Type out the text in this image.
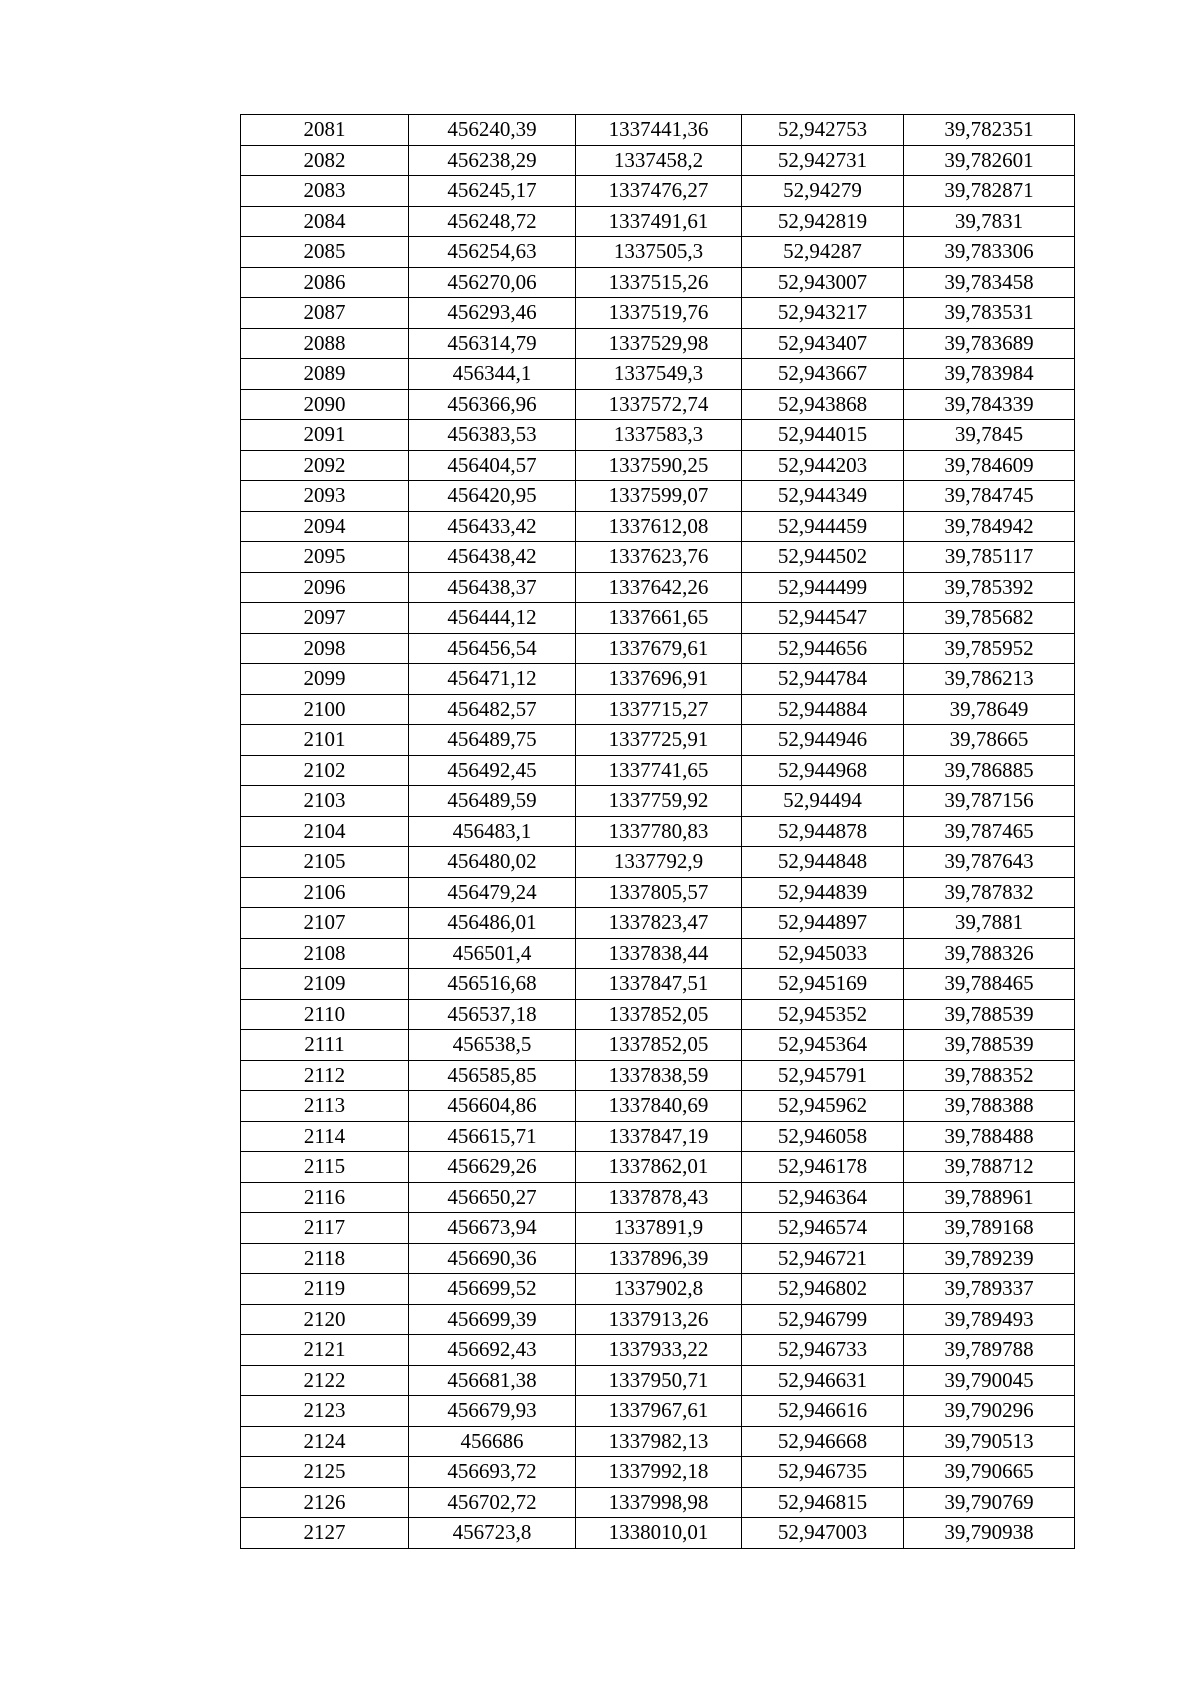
2081	456240,39	1337441,36	52,942753	39,782351
2082	456238,29	1337458,2	52,942731	39,782601
2083	456245,17	1337476,27	52,94279	39,782871
2084	456248,72	1337491,61	52,942819	39,7831
2085	456254,63	1337505,3	52,94287	39,783306
2086	456270,06	1337515,26	52,943007	39,783458
2087	456293,46	1337519,76	52,943217	39,783531
2088	456314,79	1337529,98	52,943407	39,783689
2089	456344,1	1337549,3	52,943667	39,783984
2090	456366,96	1337572,74	52,943868	39,784339
2091	456383,53	1337583,3	52,944015	39,7845
2092	456404,57	1337590,25	52,944203	39,784609
2093	456420,95	1337599,07	52,944349	39,784745
2094	456433,42	1337612,08	52,944459	39,784942
2095	456438,42	1337623,76	52,944502	39,785117
2096	456438,37	1337642,26	52,944499	39,785392
2097	456444,12	1337661,65	52,944547	39,785682
2098	456456,54	1337679,61	52,944656	39,785952
2099	456471,12	1337696,91	52,944784	39,786213
2100	456482,57	1337715,27	52,944884	39,78649
2101	456489,75	1337725,91	52,944946	39,78665
2102	456492,45	1337741,65	52,944968	39,786885
2103	456489,59	1337759,92	52,94494	39,787156
2104	456483,1	1337780,83	52,944878	39,787465
2105	456480,02	1337792,9	52,944848	39,787643
2106	456479,24	1337805,57	52,944839	39,787832
2107	456486,01	1337823,47	52,944897	39,7881
2108	456501,4	1337838,44	52,945033	39,788326
2109	456516,68	1337847,51	52,945169	39,788465
2110	456537,18	1337852,05	52,945352	39,788539
2111	456538,5	1337852,05	52,945364	39,788539
2112	456585,85	1337838,59	52,945791	39,788352
2113	456604,86	1337840,69	52,945962	39,788388
2114	456615,71	1337847,19	52,946058	39,788488
2115	456629,26	1337862,01	52,946178	39,788712
2116	456650,27	1337878,43	52,946364	39,788961
2117	456673,94	1337891,9	52,946574	39,789168
2118	456690,36	1337896,39	52,946721	39,789239
2119	456699,52	1337902,8	52,946802	39,789337
2120	456699,39	1337913,26	52,946799	39,789493
2121	456692,43	1337933,22	52,946733	39,789788
2122	456681,38	1337950,71	52,946631	39,790045
2123	456679,93	1337967,61	52,946616	39,790296
2124	456686	1337982,13	52,946668	39,790513
2125	456693,72	1337992,18	52,946735	39,790665
2126	456702,72	1337998,98	52,946815	39,790769
2127	456723,8	1338010,01	52,947003	39,790938
